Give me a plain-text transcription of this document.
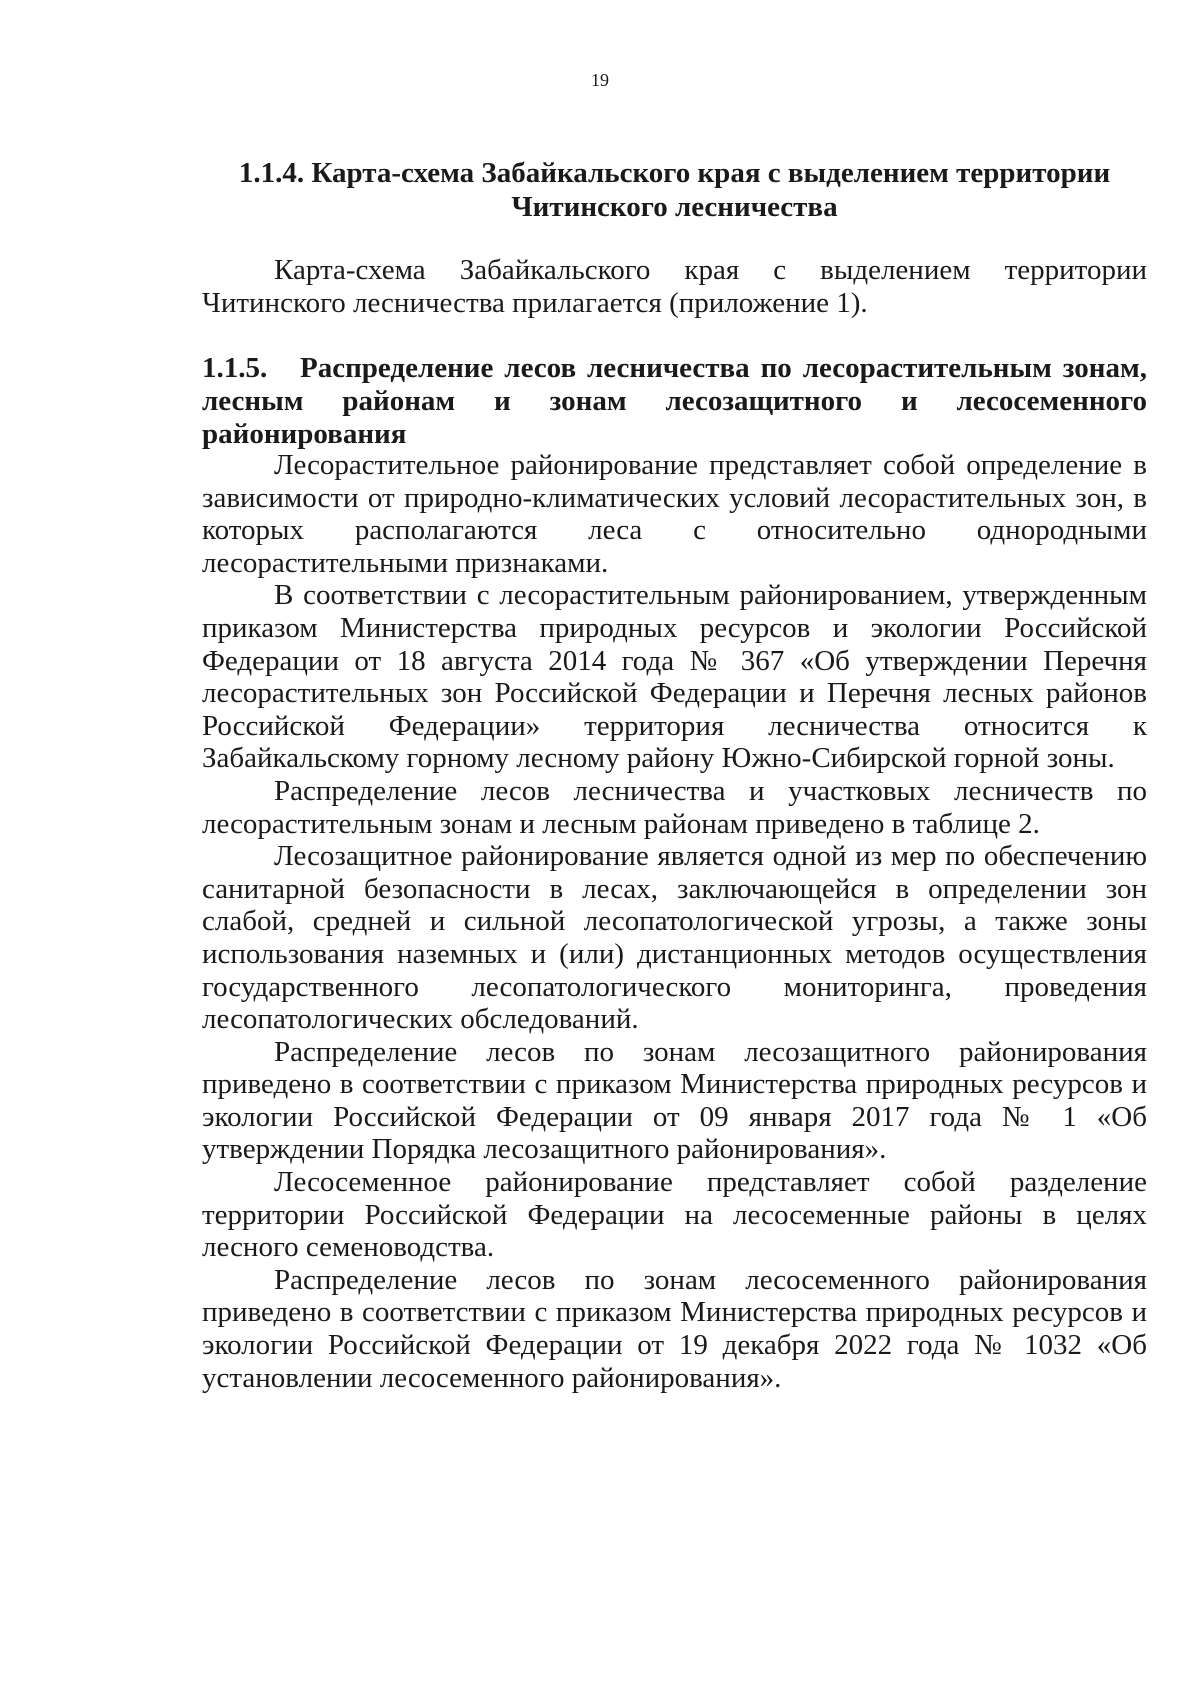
19
1.1.4. Карта-схема Забайкальского края с выделением территории
Читинского лесничества
Карта-схема Забайкальского края с выделением территории Читинского лесничества прилагается (приложение 1).
1.1.5. Распределение лесов лесничества по лесорастительным зонам,
лесным районам и зонам лесозащитного и лесосеменного районирования

Лесорастительное районирование представляет собой определение в зависимости от природно-климатических условий лесорастительных зон, в которых располагаются леса с относительно однородными лесорастительными признаками.

В соответствии с лесорастительным районированием, утвержденным приказом Министерства природных ресурсов и экологии Российской Федерации от 18 августа 2014 года № 367 «Об утверждении Перечня лесорастительных зон Российской Федерации и Перечня лесных районов Российской Федерации» территория лесничества относится к Забайкальскому горному лесному району Южно-Сибирской горной зоны.

Распределение лесов лесничества и участковых лесничеств по лесорастительным зонам и лесным районам приведено в таблице 2.

Лесозащитное районирование является одной из мер по обеспечению санитарной безопасности в лесах, заключающейся в определении зон слабой, средней и сильной лесопатологической угрозы, а также зоны использования наземных и (или) дистанционных методов осуществления государственного лесопатологического мониторинга, проведения лесопатологических обследований.

Распределение лесов по зонам лесозащитного районирования приведено в соответствии с приказом Министерства природных ресурсов и экологии Российской Федерации от 09 января 2017 года № 1 «Об утверждении Порядка лесозащитного районирования».

Лесосеменное районирование представляет собой разделение территории Российской Федерации на лесосеменные районы в целях лесного семеноводства.

Распределение лесов по зонам лесосеменного районирования приведено в соответствии с приказом Министерства природных ресурсов и экологии Российской Федерации от 19 декабря 2022 года № 1032 «Об установлении лесосеменного районирования».
